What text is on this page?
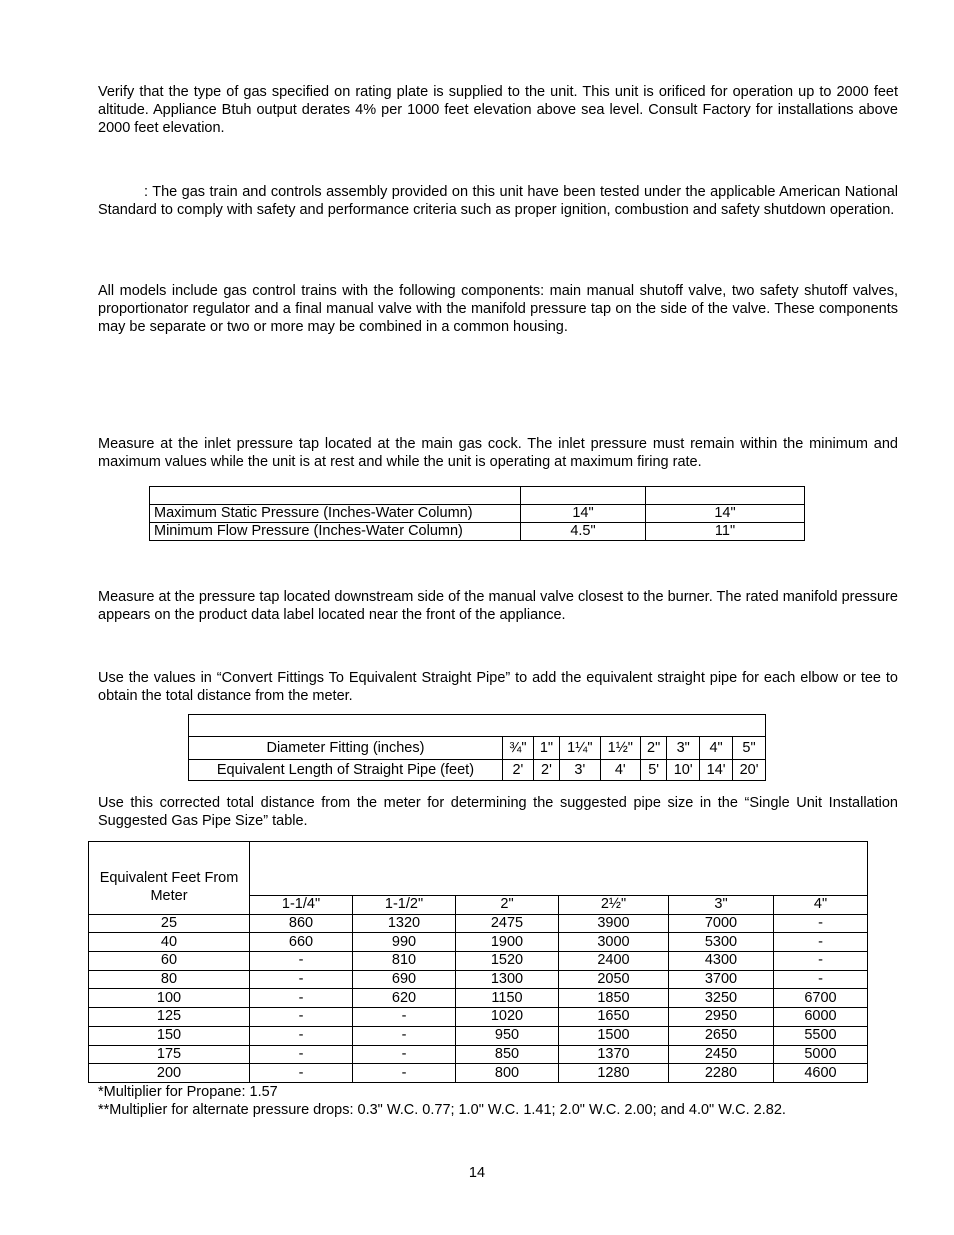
Verify that the type of gas specified on rating plate is supplied to the unit. This unit is orificed for operation up to 2000 feet altitude. Appliance Btuh output derates 4% per 1000 feet elevation above sea level. Consult Factory for installations above 2000 feet elevation.

: The gas train and controls assembly provided on this unit have been tested under the applicable American National Standard to comply with safety and performance criteria such as proper ignition, combustion and safety shutdown operation.

All models include gas control trains with the following components: main manual shutoff valve, two safety shutoff valves, proportionator regulator and a final manual valve with the manifold pressure tap on the side of the valve. These components may be separate or two or more may be combined in a common housing.

Measure at the inlet pressure tap located at the main gas cock. The inlet pressure must remain within the minimum and maximum values while the unit is at rest and while the unit is operating at maximum firing rate.

Maximum Static Pressure (Inches-Water Column)	14"	14"
Minimum Flow Pressure (Inches-Water Column)	4.5"	11"

Measure at the pressure tap located downstream side of the manual valve closest to the burner. The rated manifold pressure appears on the product data label located near the front of the appliance.

Use the values in “Convert Fittings To Equivalent Straight Pipe” to add the equivalent straight pipe for each elbow or tee to obtain the total distance from the meter.

Diameter Fitting (inches)	¾"	1"	1¼"	1½"	2"	3"	4"	5"
Equivalent Length of Straight Pipe (feet)	2'	2'	3'	4'	5'	10'	14'	20'

Use this corrected total distance from the meter for determining the suggested pipe size in the “Single Unit Installation Suggested Gas Pipe Size” table.

Equivalent Feet From Meter						
	1-1/4"	1-1/2"	2"	2½"	3"	4"
25	860	1320	2475	3900	7000	-
40	660	990	1900	3000	5300	-
60	-	810	1520	2400	4300	-
80	-	690	1300	2050	3700	-
100	-	620	1150	1850	3250	6700
125	-	-	1020	1650	2950	6000
150	-	-	950	1500	2650	5500
175	-	-	850	1370	2450	5000
200	-	-	800	1280	2280	4600

*Multiplier for Propane: 1.57

**Multiplier for alternate pressure drops: 0.3" W.C. 0.77; 1.0" W.C. 1.41; 2.0" W.C. 2.00; and 4.0" W.C. 2.82.

14
